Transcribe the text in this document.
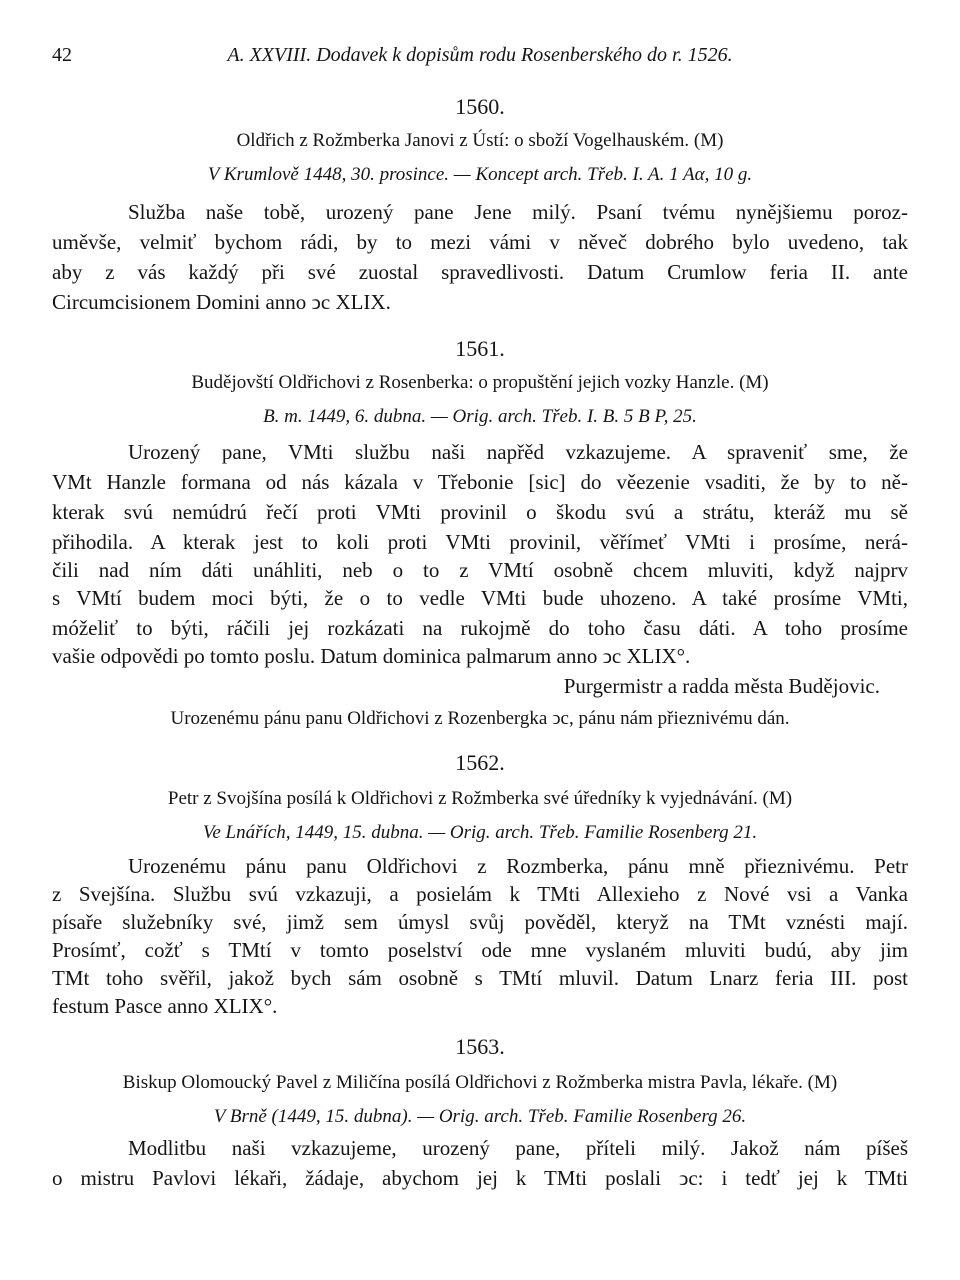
42	A. XXVIII. Dodavek k dopisům rodu Rosenberského do r. 1526.
1560.
Oldřich z Rožmberka Janovi z Ústí: o sboží Vogelhauském. (M)
V Krumlově 1448, 30. prosince. — Koncept arch. Třeb. I. A. 1 Aα, 10 g.
Služba naše tobě, urozený pane Jene milý. Psaní tvému nynějšiemu poroz-
uměvše, velmiť bychom rádi, by to mezi vámi v něveč dobrého bylo uvedeno, tak
aby z vás každý při své zuostal spravedlivosti. Datum Crumlow feria II. ante
Circumcisionem Domini anno ↄc XLIX.
1561.
Budějovští Oldřichovi z Rosenberka: o propuštění jejich vozky Hanzle. (M)
B. m. 1449, 6. dubna. — Orig. arch. Třeb. I. B. 5 B P, 25.
Urozený pane, VMti službu naši napřěd vzkazujeme. A spraveniť sme, že
VMt Hanzle formana od nás kázala v Třebonie [sic] do věezenie vsaditi, že by to ně-
kterak svú nemúdrú řečí proti VMti provinil o škodu svú a strátu, kteráž mu sě
přihodila. A kterak jest to koli proti VMti provinil, věřímeť VMti i prosíme, nerá-
čili nad ním dáti unáhliti, neb o to z VMtí osobně chcem mluviti, když najprv
s VMtí budem moci býti, že o to vedle VMti bude uhozeno. A také prosíme VMti,
móželiť to býti, ráčili jej rozkázati na rukojmě do toho času dáti. A toho prosíme
vašie odpovědi po tomto poslu. Datum dominica palmarum anno ↄc XLIX°.
Purgermistr a radda města Budějovic.
Urozenému pánu panu Oldřichovi z Rozenbergka ↄc, pánu nám přieznivému dán.
1562.
Petr z Svojšína posílá k Oldřichovi z Rožmberka své úředníky k vyjednávání. (M)
Ve Lnářích, 1449, 15. dubna. — Orig. arch. Třeb. Familie Rosenberg 21.
Urozenému pánu panu Oldřichovi z Rozmberka, pánu mně přieznivému. Petr
z Svejšína. Službu svú vzkazuji, a posielám k TMti Allexieho z Nové vsi a Vanka
písaře služebníky své, jimž sem úmysl svůj pověděl, kteryž na TMt vznésti mají.
Prosímť, cožť s TMtí v tomto poselství ode mne vyslaném mluviti budú, aby jim
TMt toho svěřil, jakož bych sám osobně s TMtí mluvil. Datum Lnarz feria III. post
festum Pasce anno XLIX°.
1563.
Biskup Olomoucký Pavel z Miličína posílá Oldřichovi z Rožmberka mistra Pavla, lékaře. (M)
V Brně (1449, 15. dubna). — Orig. arch. Třeb. Familie Rosenberg 26.
Modlitbu naši vzkazujeme, urozený pane, příteli milý. Jakož nám píšeš
o mistru Pavlovi lékaři, žádaje, abychom jej k TMti poslali ↄc: i tedť jej k TMti
